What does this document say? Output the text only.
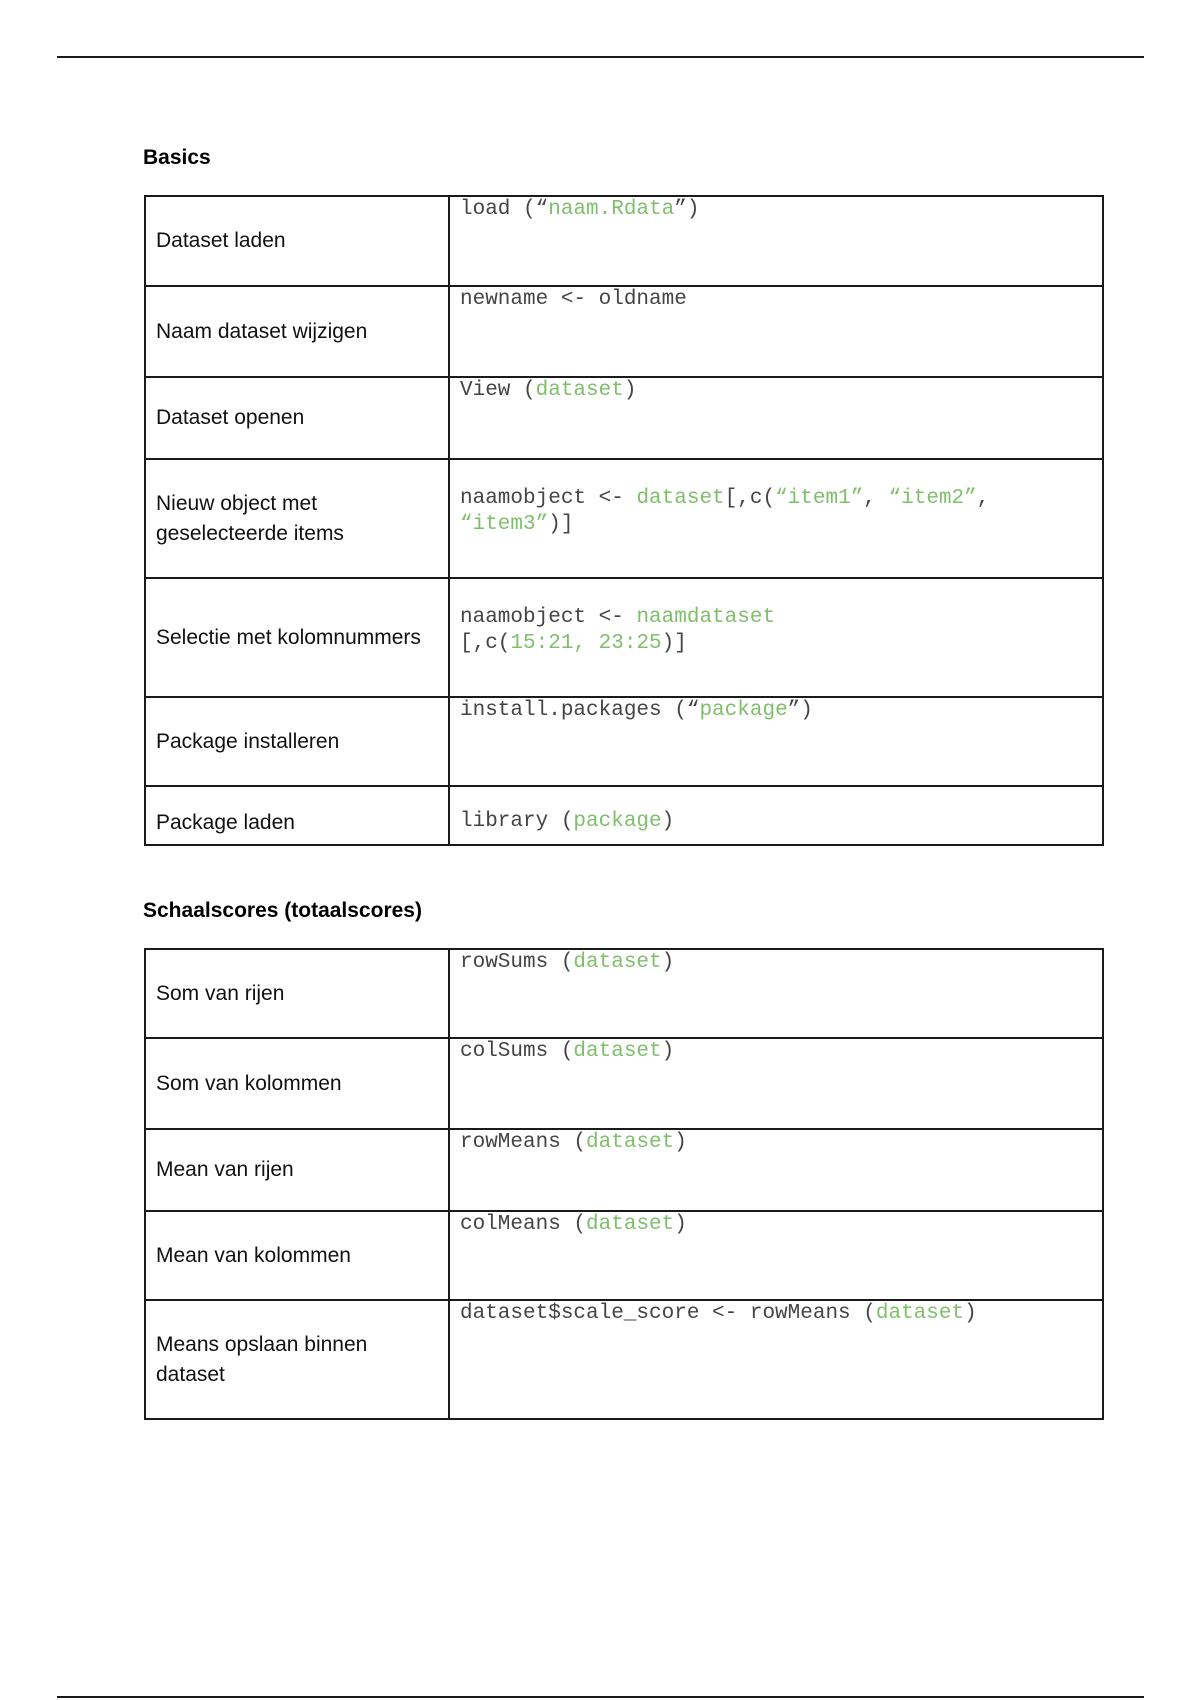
Basics
Dataset laden	load (“naam.Rdata”)

Naam dataset wijzigen	newname <- oldname

Dataset openen	View (dataset)

Nieuw object met geselecteerde items	naamobject <- dataset[,c(“item1”, “item2”, “item3”)]

Selectie met kolomnummers	naamobject <- naamdataset
[,c(15:21, 23:25)]

Package installeren	install.packages (“package”)

Package laden	library (package)
Schaalscores (totaalscores)
Som van rijen	rowSums (dataset)

Som van kolommen	colSums (dataset)

Mean van rijen	rowMeans (dataset)

Mean van kolommen	colMeans (dataset)

Means opslaan binnen dataset	dataset$scale_score <- rowMeans (dataset)
